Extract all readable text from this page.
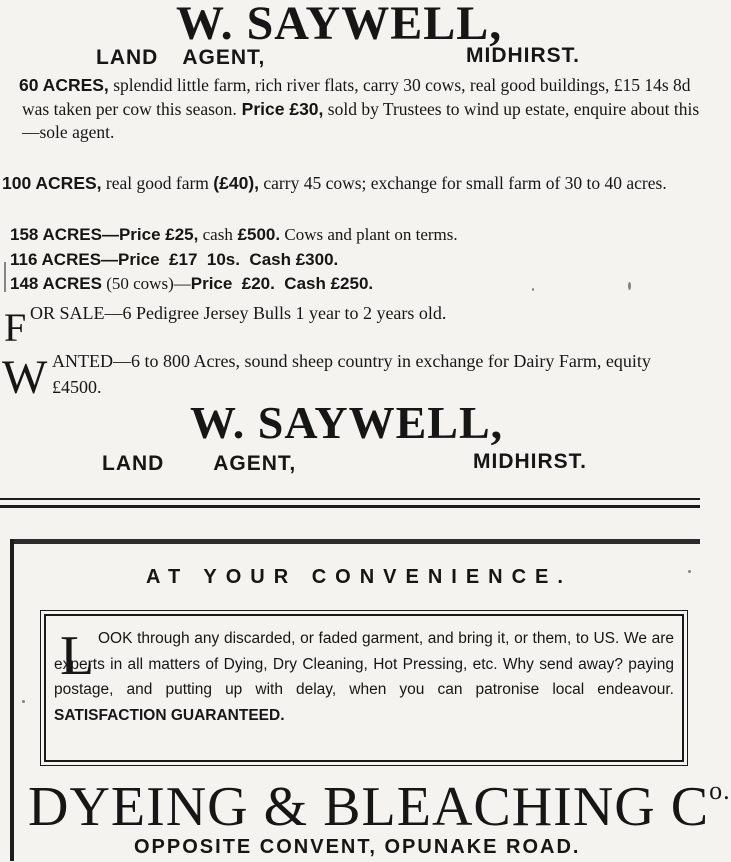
W. SAYWELL,
LAND AGENT,	MIDHIRST.
60 ACRES, splendid little farm, rich river flats, carry 30 cows, real good buildings, £15 14s 8d was taken per cow this season. Price £30, sold by Trustees to wind up estate, enquire about this—sole agent.
100 ACRES, real good farm (£40), carry 45 cows; exchange for small farm of 30 to 40 acres.
158 ACRES—Price £25, cash £500. Cows and plant on terms.
116 ACRES—Price  £17  10s.  Cash £300.
148 ACRES (50 cows)—Price  £20.  Cash £250.
F OR SALE—6 Pedigree Jersey Bulls 1 year to 2 years old.
W ANTED—6 to 800 Acres, sound sheep country in exchange for Dairy Farm, equity £4500.
W. SAYWELL,
LAND  AGENT,	MIDHIRST.
AT YOUR CONVENIENCE.
L OOK through any discarded, or faded garment, and bring it, or them, to US. We are experts in all matters of Dying, Dry Cleaning, Hot Pressing, etc. Why send away? paying postage, and putting up with delay, when you can patronise local endeavour. SATISFACTION GUARANTEED.
DYEING & BLEACHING $C^{o.}$
OPPOSITE CONVENT, OPUNAKE ROAD.
